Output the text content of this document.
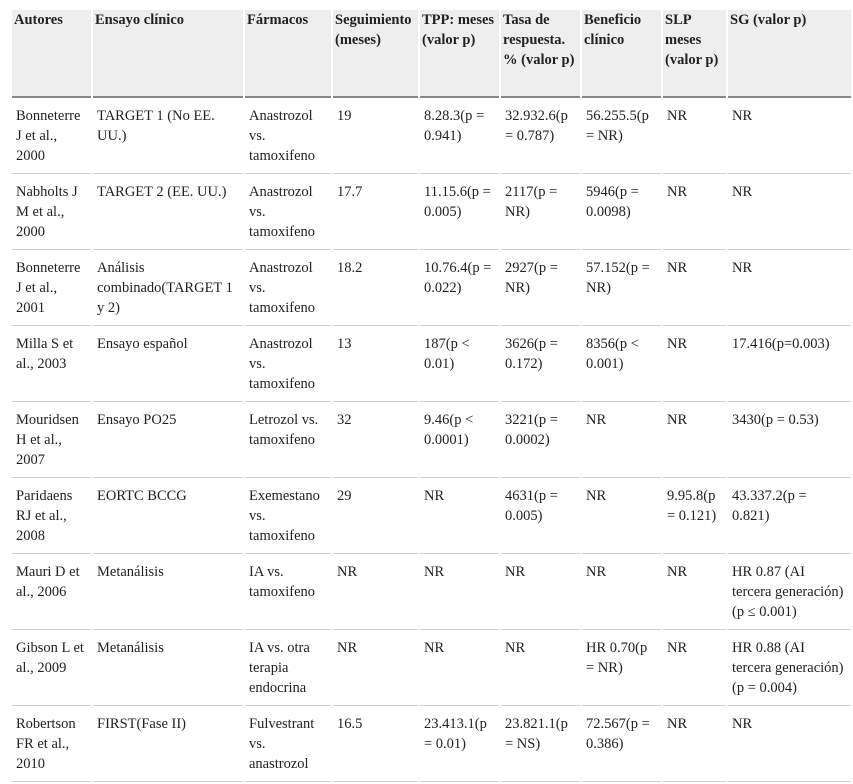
Autores	Ensayo clínico	Fármacos	Seguimiento (meses)	TPP: meses (valor p)	Tasa de respuesta. % (valor p)	Beneficio clínico	SLP meses (valor p)	SG (valor p)
Bonneterre J et al., 2000	TARGET 1 (No EE. UU.)	Anastrozol vs. tamoxifeno	19	8.28.3(p = 0.941)	32.932.6(p = 0.787)	56.255.5(p = NR)	NR	NR
Nabholts J M et al., 2000	TARGET 2 (EE. UU.)	Anastrozol vs. tamoxifeno	17.7	11.15.6(p = 0.005)	2117(p = NR)	5946(p = 0.0098)	NR	NR
Bonneterre J et al., 2001	Análisis combinado(TARGET 1 y 2)	Anastrozol vs. tamoxifeno	18.2	10.76.4(p = 0.022)	2927(p = NR)	57.152(p = NR)	NR	NR
Milla S et al., 2003	Ensayo español	Anastrozol vs. tamoxifeno	13	187(p < 0.01)	3626(p = 0.172)	8356(p < 0.001)	NR	17.416(p=0.003)
Mouridsen H et al., 2007	Ensayo PO25	Letrozol vs. tamoxifeno	32	9.46(p < 0.0001)	3221(p = 0.0002)	NR	NR	3430(p = 0.53)
Paridaens RJ et al., 2008	EORTC BCCG	Exemestano vs. tamoxifeno	29	NR	4631(p = 0.005)	NR	9.95.8(p = 0.121)	43.337.2(p = 0.821)
Mauri D et al., 2006	Metanálisis	IA vs. tamoxifeno	NR	NR	NR	NR	NR	HR 0.87 (AI tercera generación) (p ≤ 0.001)
Gibson L et al., 2009	Metanálisis	IA vs. otra terapia endocrina	NR	NR	NR	HR 0.70(p = NR)	NR	HR 0.88 (AI tercera generación)(p = 0.004)
Robertson FR et al., 2010	FIRST(Fase II)	Fulvestrant vs. anastrozol	16.5	23.413.1(p = 0.01)	23.821.1(p = NS)	72.567(p = 0.386)	NR	NR
